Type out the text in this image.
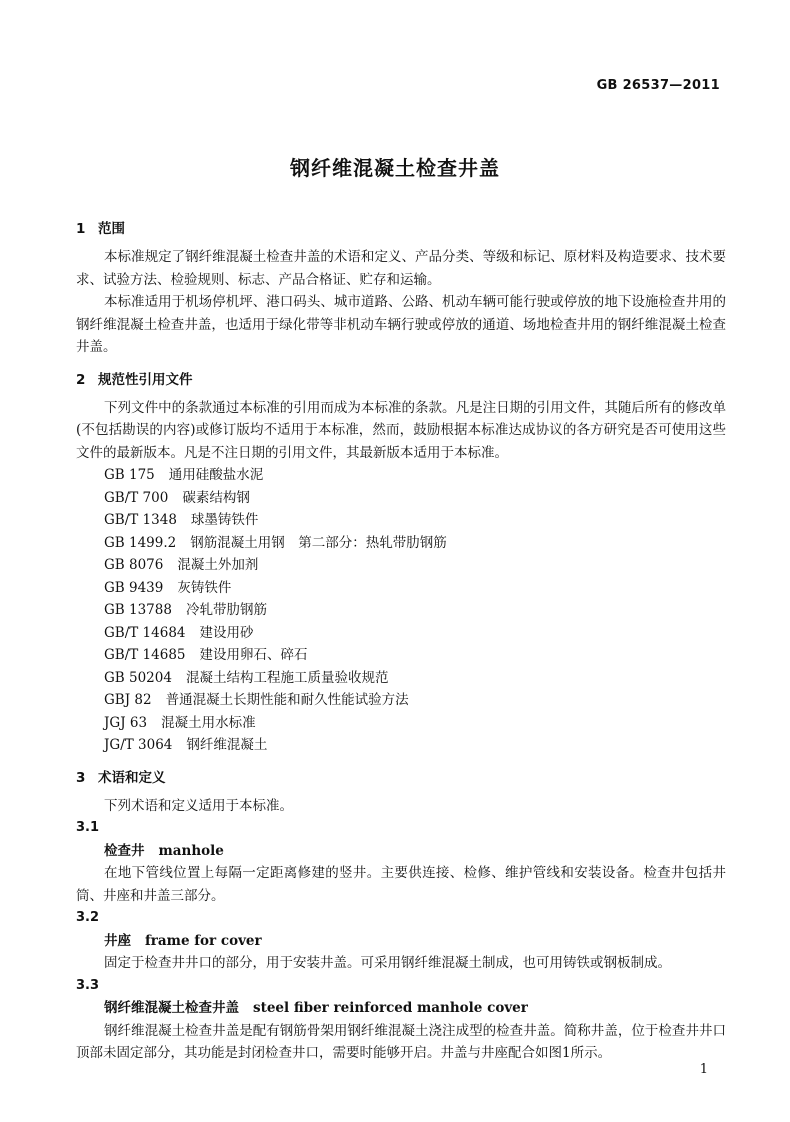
GB 26537—2011
钢纤维混凝土检查井盖
1 范围

本标准规定了钢纤维混凝土检查井盖的术语和定义、产品分类、等级和标记、原材料及构造要求、技术要求、试验方法、检验规则、标志、产品合格证、贮存和运输。

本标准适用于机场停机坪、港口码头、城市道路、公路、机动车辆可能行驶或停放的地下设施检查井用的钢纤维混凝土检查井盖，也适用于绿化带等非机动车辆行驶或停放的通道、场地检查井用的钢纤维混凝土检查井盖。

2 规范性引用文件

下列文件中的条款通过本标准的引用而成为本标准的条款。凡是注日期的引用文件，其随后所有的修改单(不包括勘误的内容)或修订版均不适用于本标准，然而，鼓励根据本标准达成协议的各方研究是否可使用这些文件的最新版本。凡是不注日期的引用文件，其最新版本适用于本标准。

GB 175 通用硅酸盐水泥
GB/T 700 碳素结构钢
GB/T 1348 球墨铸铁件
GB 1499.2 钢筋混凝土用钢　第二部分：热轧带肋钢筋
GB 8076 混凝土外加剂
GB 9439 灰铸铁件
GB 13788 冷轧带肋钢筋
GB/T 14684 建设用砂
GB/T 14685 建设用卵石、碎石
GB 50204 混凝土结构工程施工质量验收规范
GBJ 82 普通混凝土长期性能和耐久性能试验方法
JGJ 63 混凝土用水标准
JG/T 3064 钢纤维混凝土
3 术语和定义

下列术语和定义适用于本标准。

3.1
检查井 manhole

在地下管线位置上每隔一定距离修建的竖井。主要供连接、检修、维护管线和安装设备。检查井包括井筒、井座和井盖三部分。

3.2
井座 frame for cover

固定于检查井井口的部分，用于安装井盖。可采用钢纤维混凝土制成，也可用铸铁或钢板制成。

3.3
钢纤维混凝土检查井盖 steel fiber reinforced manhole cover

钢纤维混凝土检查井盖是配有钢筋骨架用钢纤维混凝土浇注成型的检查井盖。简称井盖，位于检查井井口顶部未固定部分，其功能是封闭检查井口，需要时能够开启。井盖与井座配合如图1所示。

1
